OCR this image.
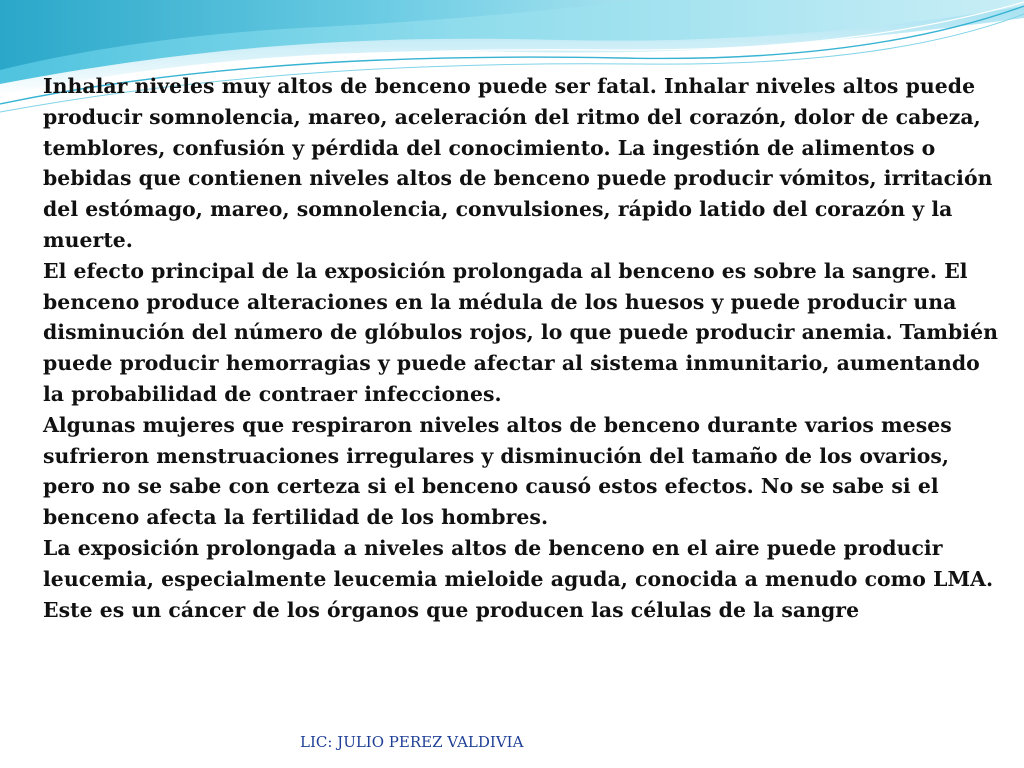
Inhalar niveles muy altos de benceno puede ser fatal. Inhalar niveles altos puede producir somnolencia, mareo, aceleración del ritmo del corazón, dolor de cabeza, temblores, confusión y pérdida del conocimiento. La ingestión de alimentos o bebidas que contienen niveles altos de benceno puede producir vómitos, irritación del estómago, mareo, somnolencia, convulsiones, rápido latido del corazón y la muerte.

El efecto principal de la exposición prolongada al benceno es sobre la sangre. El benceno produce alteraciones en la médula de los huesos y puede producir una disminución del número de glóbulos rojos, lo que puede producir anemia. También puede producir hemorragias y puede afectar al sistema inmunitario, aumentando la probabilidad de contraer infecciones.

Algunas mujeres que respiraron niveles altos de benceno durante varios meses sufrieron menstruaciones irregulares y disminución del tamaño de los ovarios, pero no se sabe con certeza si el benceno causó estos efectos. No se sabe si el benceno afecta la fertilidad de los hombres.

La exposición prolongada a niveles altos de benceno en el aire puede producir leucemia, especialmente leucemia mieloide aguda, conocida a menudo como LMA. Este es un cáncer de los órganos que producen las células de la sangre

LIC: JULIO PEREZ VALDIVIA
